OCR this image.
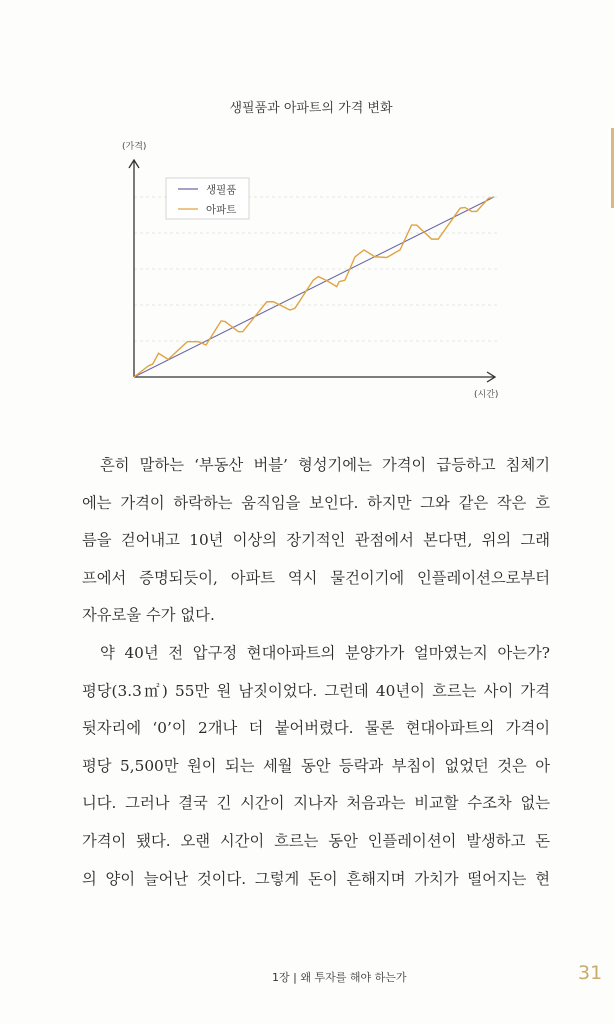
생필품과 아파트의 가격 변화
(가격)
(시간)
생필품
아파트
흔히 말하는 ‘부동산 버블’ 형성기에는 가격이 급등하고 침체기
에는 가격이 하락하는 움직임을 보인다. 하지만 그와 같은 작은 흐
름을 걷어내고 10년 이상의 장기적인 관점에서 본다면, 위의 그래
프에서 증명되듯이, 아파트 역시 물건이기에 인플레이션으로부터
자유로울 수가 없다.
약 40년 전 압구정 현대아파트의 분양가가 얼마였는지 아는가?
평당(3.3㎡) 55만 원 남짓이었다. 그런데 40년이 흐르는 사이 가격
뒷자리에 ‘0’이 2개나 더 붙어버렸다. 물론 현대아파트의 가격이
평당 5,500만 원이 되는 세월 동안 등락과 부침이 없었던 것은 아
니다. 그러나 결국 긴 시간이 지나자 처음과는 비교할 수조차 없는
가격이 됐다. 오랜 시간이 흐르는 동안 인플레이션이 발생하고 돈
의 양이 늘어난 것이다. 그렇게 돈이 흔해지며 가치가 떨어지는 현
1장 | 왜 투자를 해야 하는가	31
